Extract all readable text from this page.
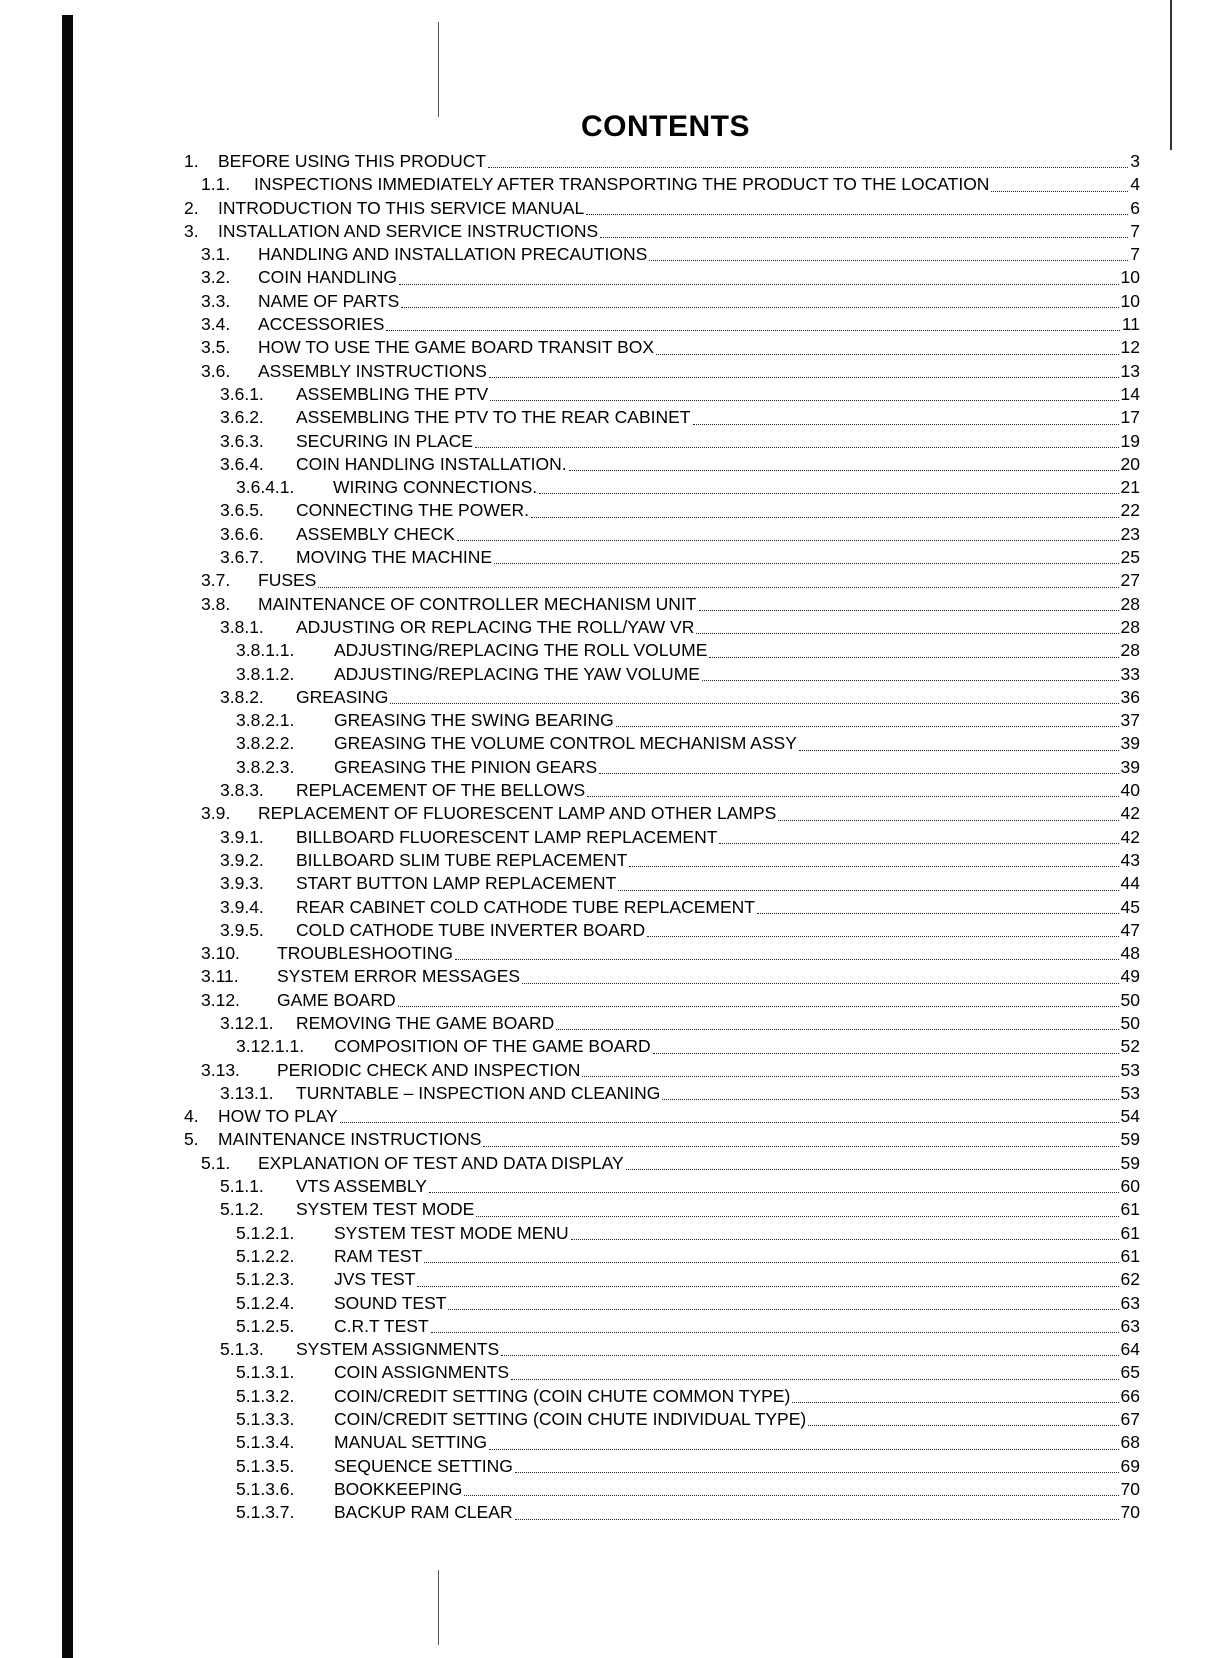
CONTENTS
1.	BEFORE USING THIS PRODUCT	3
1.1.	INSPECTIONS IMMEDIATELY AFTER TRANSPORTING THE PRODUCT TO THE LOCATION	4
2.	INTRODUCTION TO THIS SERVICE MANUAL	6
3.	INSTALLATION AND SERVICE INSTRUCTIONS	7
3.1.	HANDLING AND INSTALLATION PRECAUTIONS	7
3.2.	COIN HANDLING	10
3.3.	NAME OF PARTS	10
3.4.	ACCESSORIES	11
3.5.	HOW TO USE THE GAME BOARD TRANSIT BOX	12
3.6.	ASSEMBLY INSTRUCTIONS	13
3.6.1.	ASSEMBLING THE PTV	14
3.6.2.	ASSEMBLING THE PTV TO THE REAR CABINET	17
3.6.3.	SECURING IN PLACE	19
3.6.4.	COIN HANDLING INSTALLATION.	20
3.6.4.1.	WIRING CONNECTIONS.	21
3.6.5.	CONNECTING THE POWER.	22
3.6.6.	ASSEMBLY CHECK	23
3.6.7.	MOVING THE MACHINE	25
3.7.	FUSES	27
3.8.	MAINTENANCE OF CONTROLLER MECHANISM UNIT	28
3.8.1.	ADJUSTING OR REPLACING THE ROLL/YAW VR	28
3.8.1.1.	ADJUSTING/REPLACING THE ROLL VOLUME	28
3.8.1.2.	ADJUSTING/REPLACING THE YAW VOLUME	33
3.8.2.	GREASING	36
3.8.2.1.	GREASING THE SWING BEARING	37
3.8.2.2.	GREASING THE VOLUME CONTROL MECHANISM ASSY	39
3.8.2.3.	GREASING THE PINION GEARS	39
3.8.3.	REPLACEMENT OF THE BELLOWS	40
3.9.	REPLACEMENT OF FLUORESCENT LAMP AND OTHER LAMPS	42
3.9.1.	BILLBOARD FLUORESCENT LAMP REPLACEMENT	42
3.9.2.	BILLBOARD SLIM TUBE REPLACEMENT	43
3.9.3.	START BUTTON LAMP REPLACEMENT	44
3.9.4.	REAR CABINET COLD CATHODE TUBE REPLACEMENT	45
3.9.5.	COLD CATHODE TUBE INVERTER BOARD	47
3.10.	TROUBLESHOOTING	48
3.11.	SYSTEM ERROR MESSAGES	49
3.12.	GAME BOARD	50
3.12.1.	REMOVING THE GAME BOARD	50
3.12.1.1.	COMPOSITION OF THE GAME BOARD	52
3.13.	PERIODIC CHECK AND INSPECTION	53
3.13.1.	TURNTABLE – INSPECTION AND CLEANING	53
4.	HOW TO PLAY	54
5.	MAINTENANCE INSTRUCTIONS	59
5.1.	EXPLANATION OF TEST AND DATA DISPLAY	59
5.1.1.	VTS ASSEMBLY	60
5.1.2.	SYSTEM TEST MODE	61
5.1.2.1.	SYSTEM TEST MODE MENU	61
5.1.2.2.	RAM TEST	61
5.1.2.3.	JVS TEST	62
5.1.2.4.	SOUND TEST	63
5.1.2.5.	C.R.T TEST	63
5.1.3.	SYSTEM ASSIGNMENTS	64
5.1.3.1.	COIN ASSIGNMENTS	65
5.1.3.2.	COIN/CREDIT SETTING (COIN CHUTE COMMON TYPE)	66
5.1.3.3.	COIN/CREDIT SETTING (COIN CHUTE INDIVIDUAL TYPE)	67
5.1.3.4.	MANUAL SETTING	68
5.1.3.5.	SEQUENCE SETTING	69
5.1.3.6.	BOOKKEEPING	70
5.1.3.7.	BACKUP RAM CLEAR	70
